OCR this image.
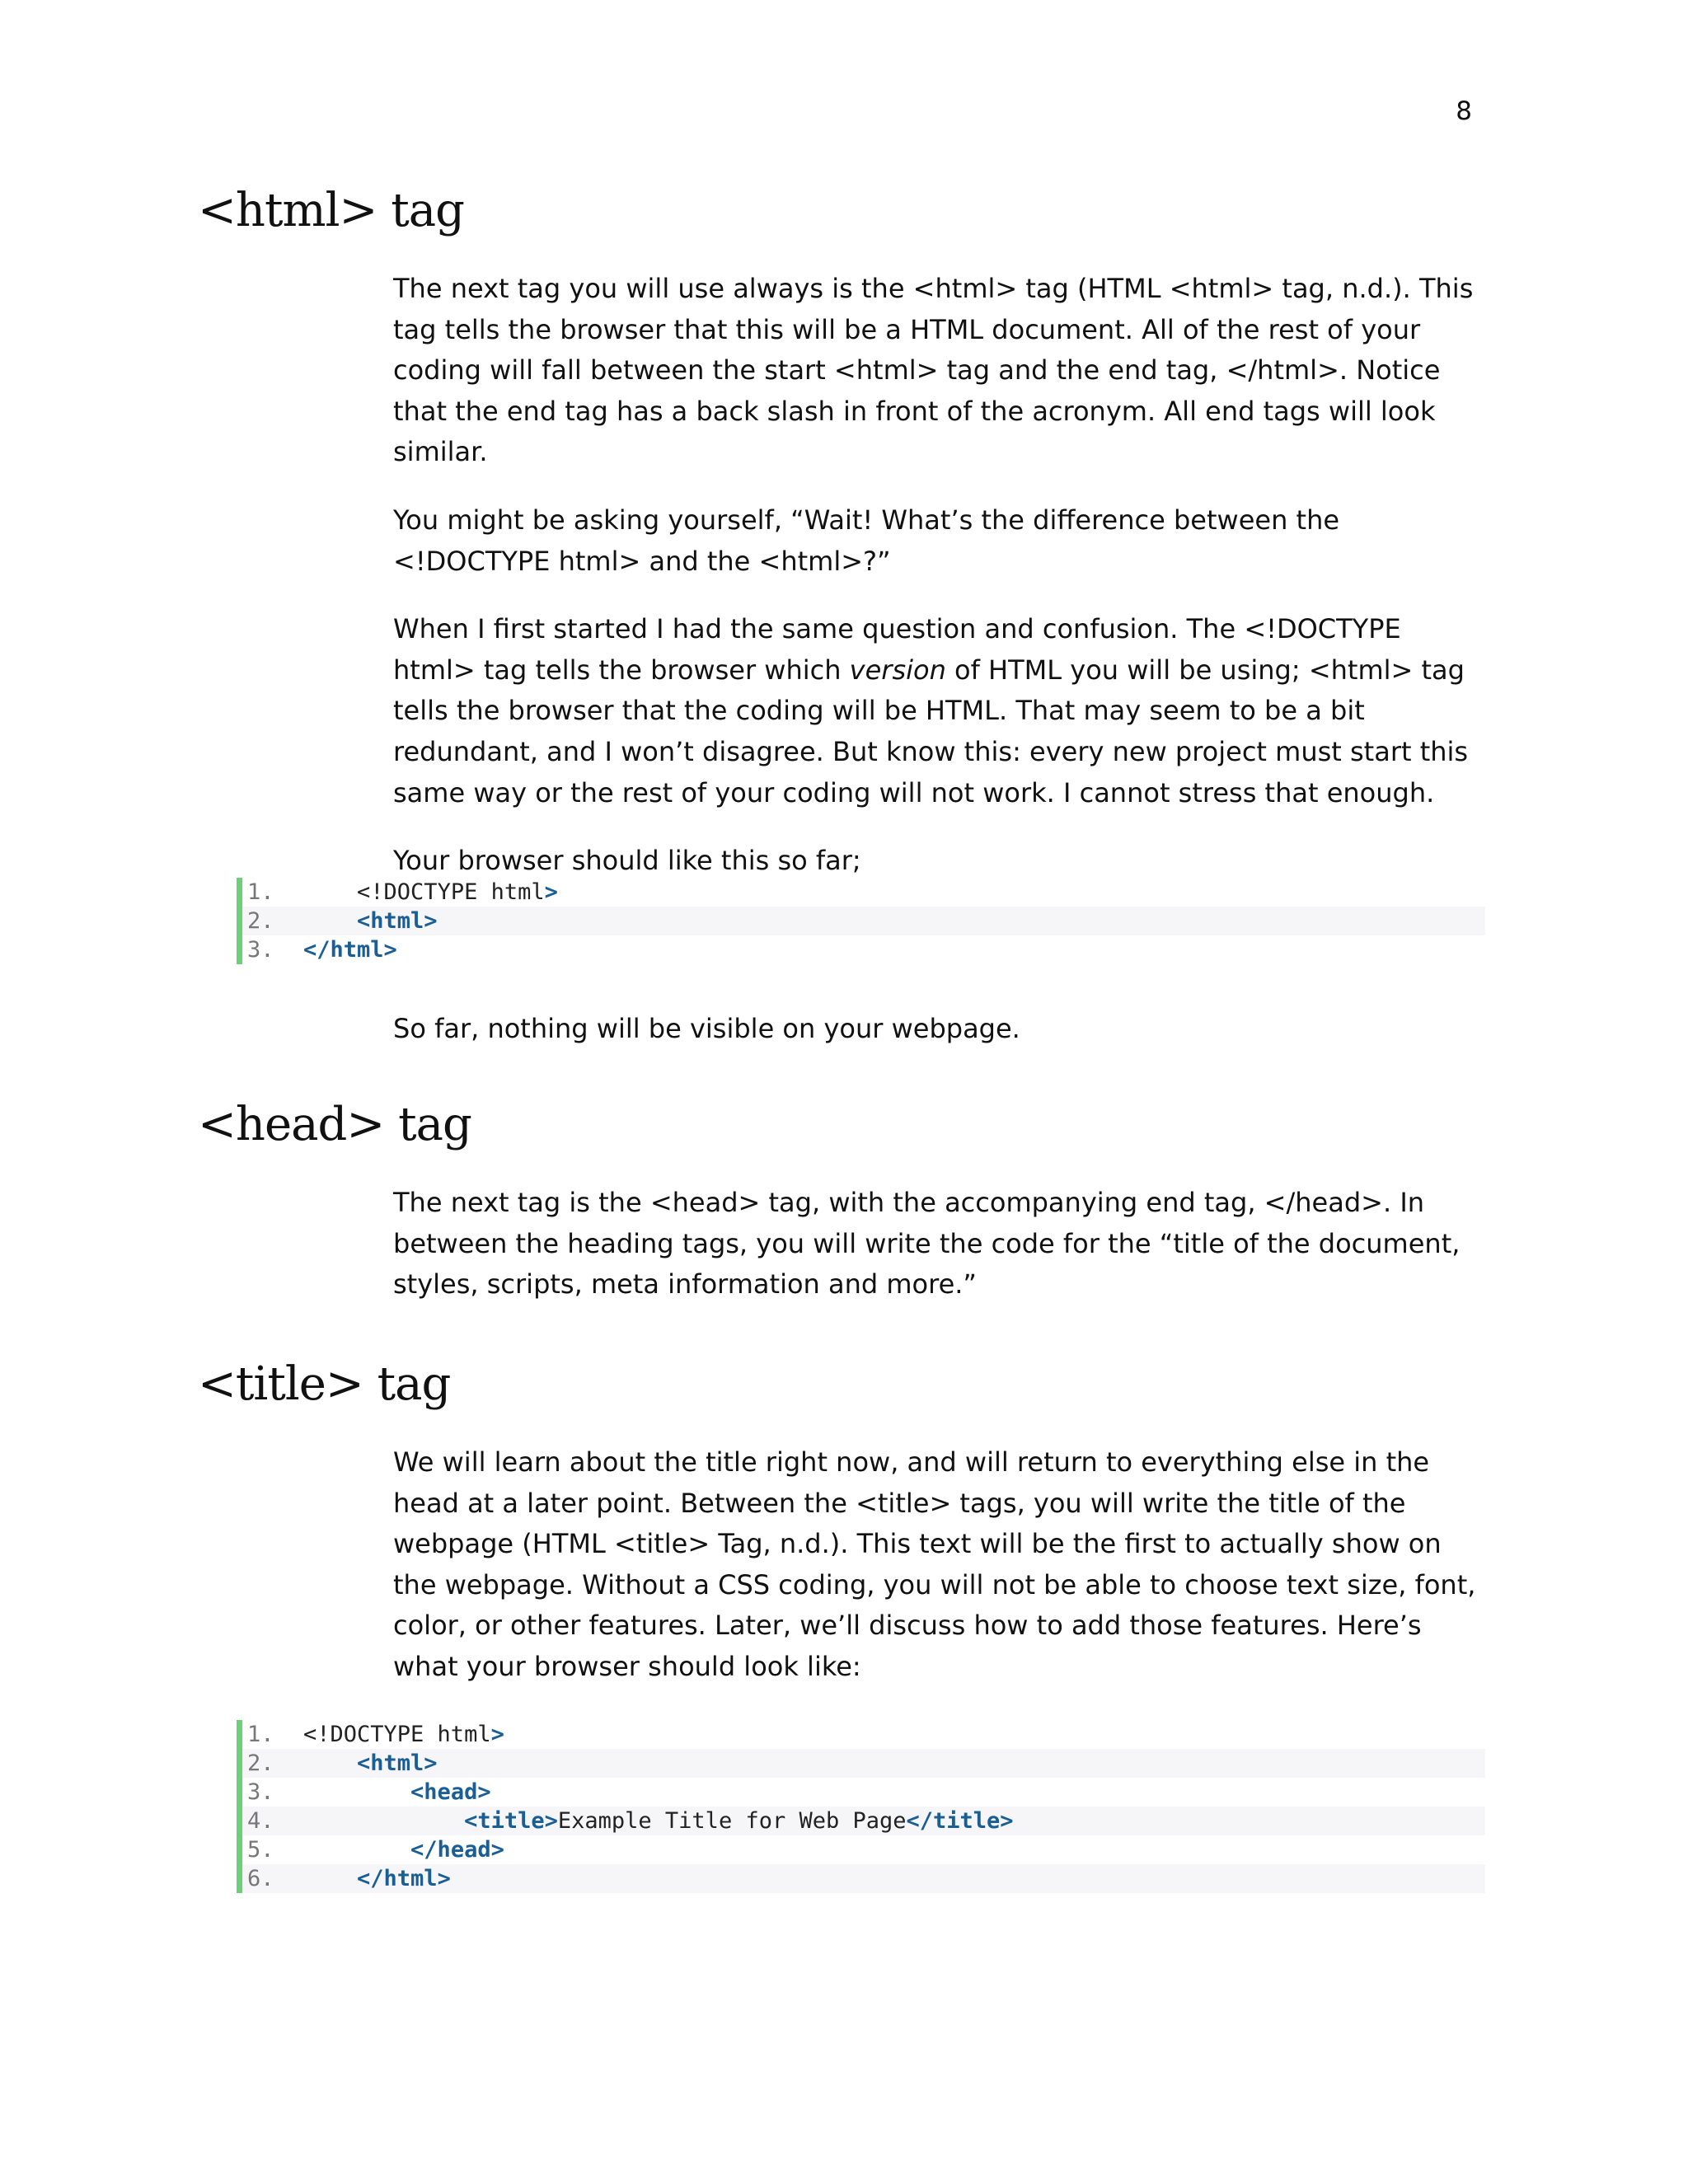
8
<html> tag

The next tag you will use always is the <html> tag (HTML <html> tag, n.d.). This tag tells the browser that this will be a HTML document. All of the rest of your coding will fall between the start <html> tag and the end tag, </html>. Notice that the end tag has a back slash in front of the acronym. All end tags will look similar.

You might be asking yourself, “Wait! What’s the difference between the <!DOCTYPE html> and the <html>?”

When I first started I had the same question and confusion. The <!DOCTYPE html> tag tells the browser which version of HTML you will be using; <html> tag tells the browser that the coding will be HTML. That may seem to be a bit redundant, and I won’t disagree. But know this: every new project must start this same way or the rest of your coding will not work. I cannot stress that enough.

Your browser should like this so far;

1.	<!DOCTYPE html>
2.	<html>
3.	</html>

So far, nothing will be visible on your webpage.

<head> tag

The next tag is the <head> tag, with the accompanying end tag, </head>. In between the heading tags, you will write the code for the “title of the document, styles, scripts, meta information and more.”

<title> tag

We will learn about the title right now, and will return to everything else in the head at a later point. Between the <title> tags, you will write the title of the webpage (HTML <title> Tag, n.d.). This text will be the first to actually show on the webpage. Without a CSS coding, you will not be able to choose text size, font, color, or other features. Later, we’ll discuss how to add those features. Here’s what your browser should look like:

1.	<!DOCTYPE html>
2.	<html>
3.	<head>
4.	<title>Example Title for Web Page</title>
5.	</head>
6.	</html>
